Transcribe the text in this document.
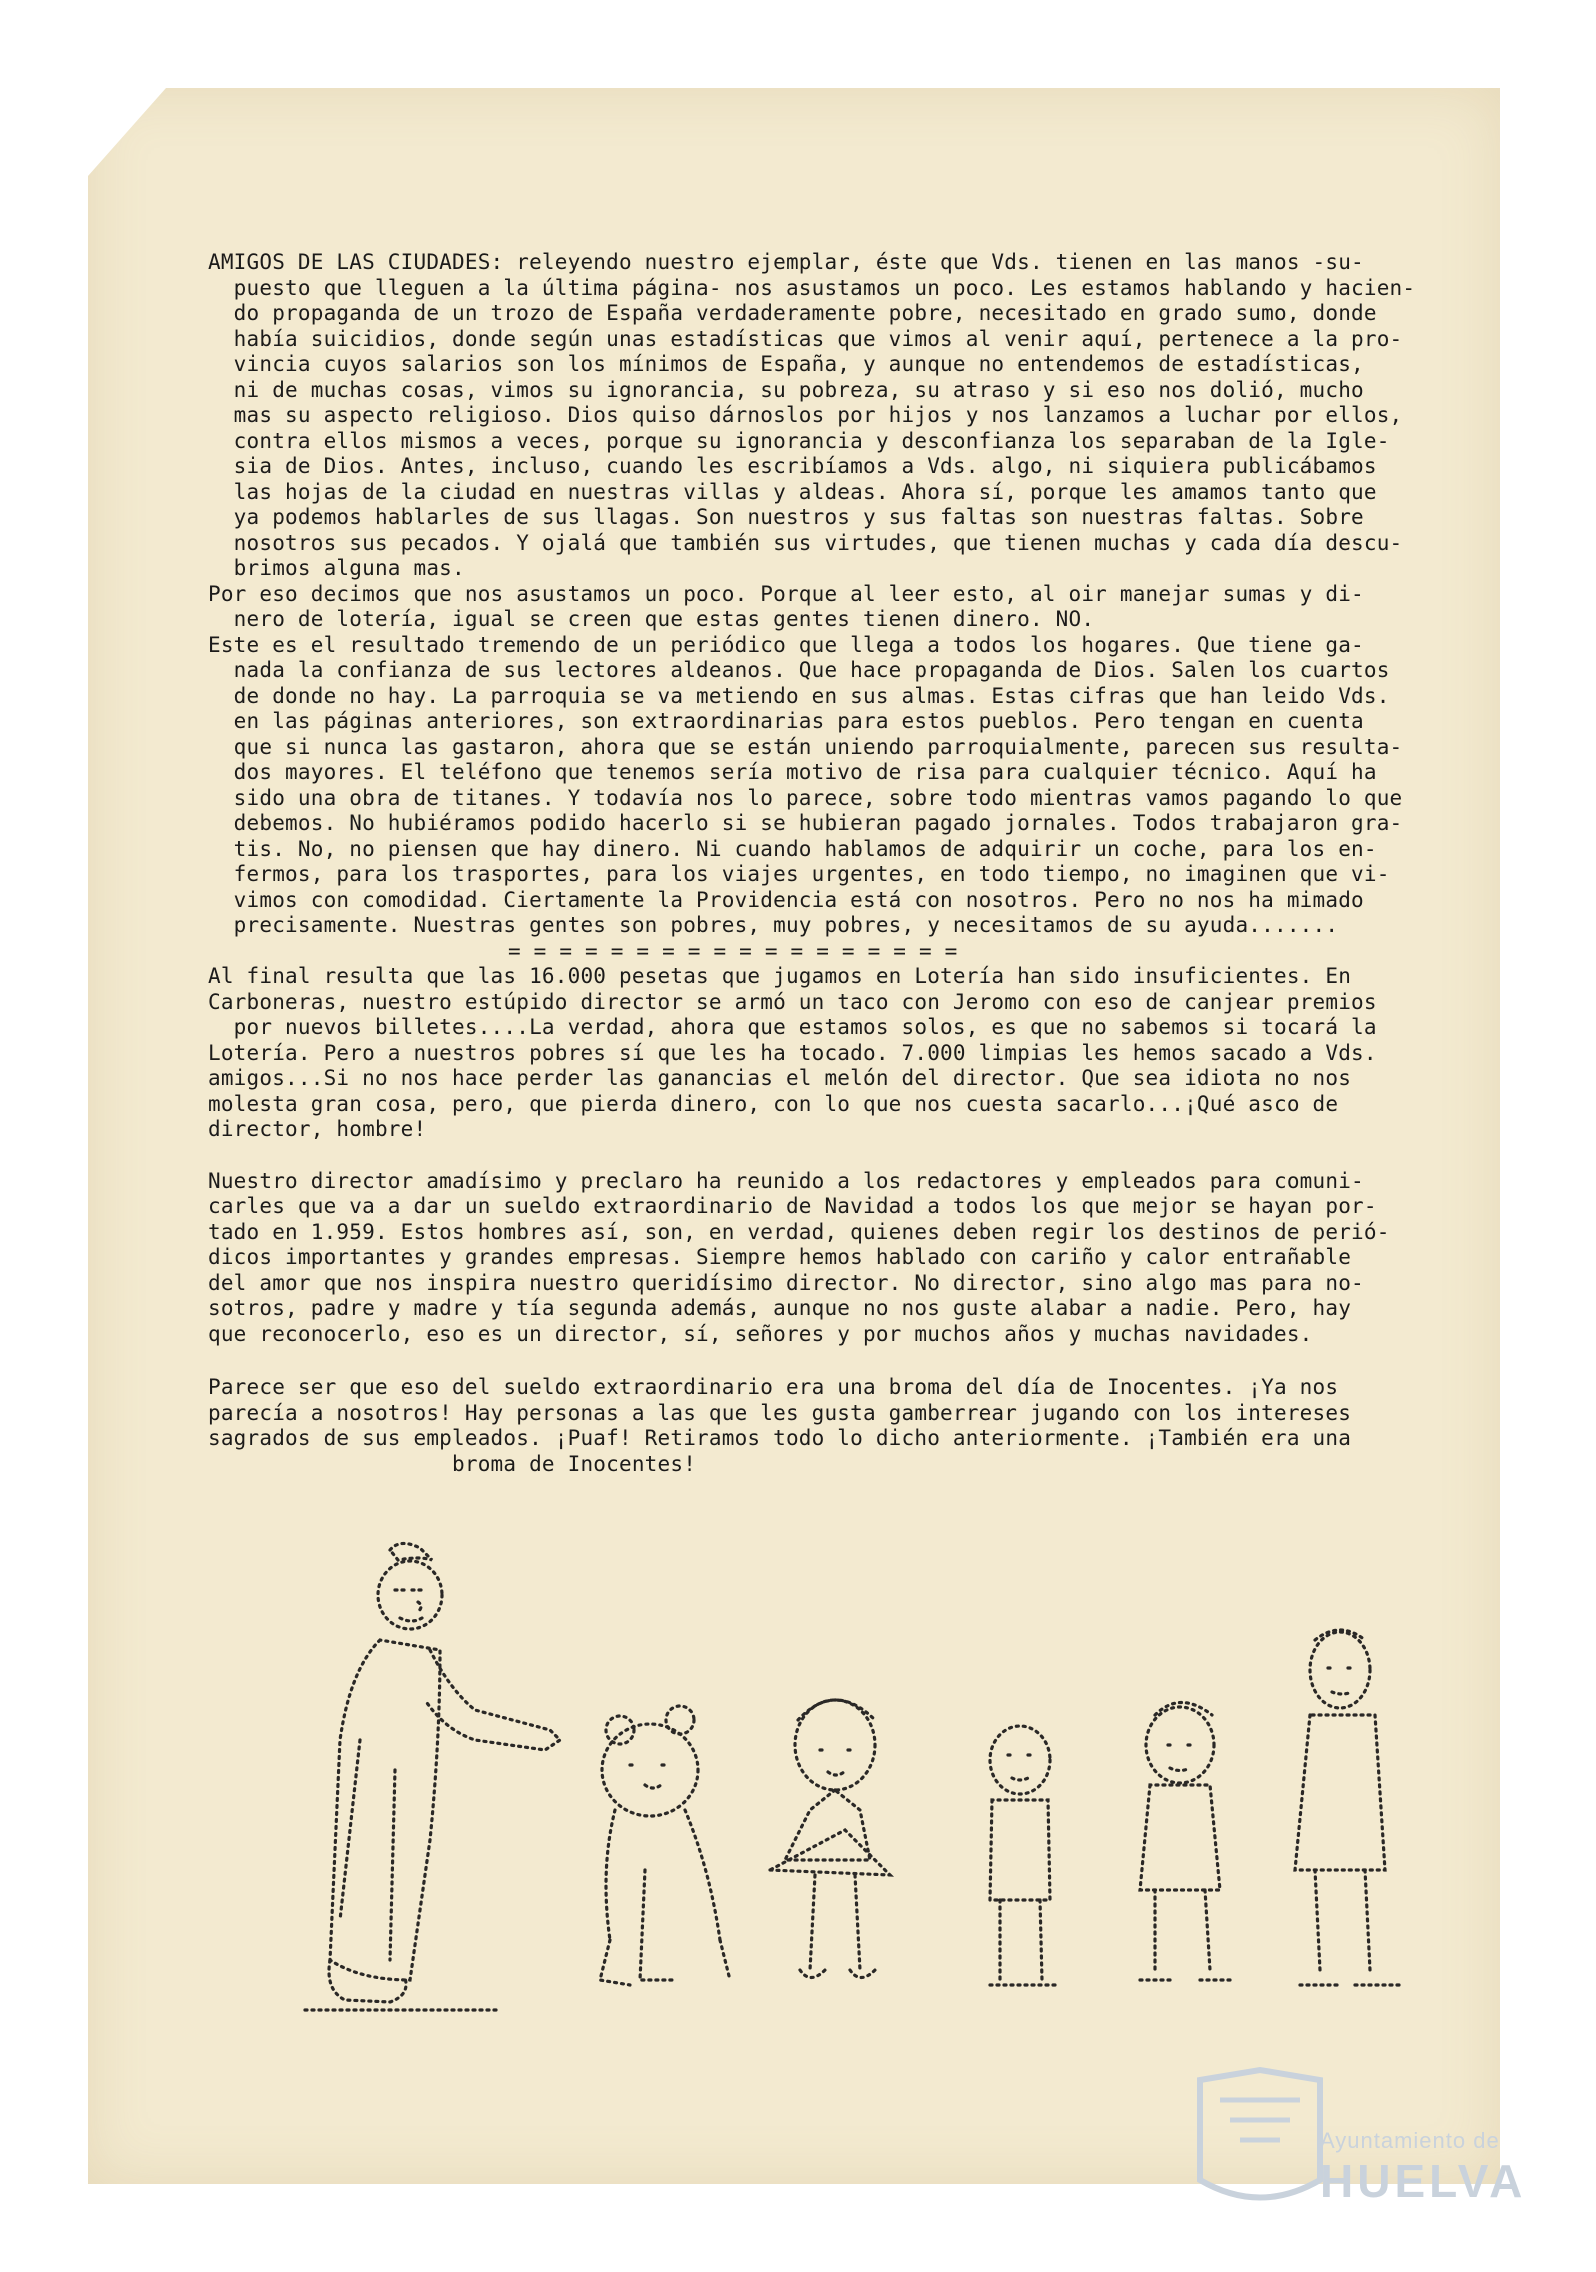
AMIGOS DE LAS CIUDADES: releyendo nuestro ejemplar, éste que Vds. tienen en las manos -su-
puesto que lleguen a la última página- nos asustamos un poco. Les estamos hablando y hacien-
do propaganda de un trozo de España verdaderamente pobre, necesitado en grado sumo, donde
había suicidios, donde según unas estadísticas que vimos al venir aquí, pertenece a la pro-
vincia cuyos salarios son los mínimos de España, y aunque no entendemos de estadísticas,
ni de muchas cosas, vimos su ignorancia, su pobreza, su atraso y si eso nos dolió, mucho
mas su aspecto religioso. Dios quiso dárnoslos por hijos y nos lanzamos a luchar por ellos,
contra ellos mismos a veces, porque su ignorancia y desconfianza los separaban de la Igle-
sia de Dios. Antes, incluso, cuando les escribíamos a Vds. algo, ni siquiera publicábamos
las hojas de la ciudad en nuestras villas y aldeas. Ahora sí, porque les amamos tanto que
ya podemos hablarles de sus llagas. Son nuestros y sus faltas son nuestras faltas. Sobre
nosotros sus pecados. Y ojalá que también sus virtudes, que tienen muchas y cada día descu-
brimos alguna mas.
Por eso decimos que nos asustamos un poco. Porque al leer esto, al oir manejar sumas y di-
nero de lotería, igual se creen que estas gentes tienen dinero. NO.
Este es el resultado tremendo de un periódico que llega a todos los hogares. Que tiene ga-
nada la confianza de sus lectores aldeanos. Que hace propaganda de Dios. Salen los cuartos
de donde no hay. La parroquia se va metiendo en sus almas. Estas cifras que han leido Vds.
en las páginas anteriores, son extraordinarias para estos pueblos. Pero tengan en cuenta
que si nunca las gastaron, ahora que se están uniendo parroquialmente, parecen sus resulta-
dos mayores. El teléfono que tenemos sería motivo de risa para cualquier técnico. Aquí ha
sido una obra de titanes. Y todavía nos lo parece, sobre todo mientras vamos pagando lo que
debemos. No hubiéramos podido hacerlo si se hubieran pagado jornales. Todos trabajaron gra-
tis. No, no piensen que hay dinero. Ni cuando hablamos de adquirir un coche, para los en-
fermos, para los trasportes, para los viajes urgentes, en todo tiempo, no imaginen que vi-
vimos con comodidad. Ciertamente la Providencia está con nosotros. Pero no nos ha mimado
precisamente. Nuestras gentes son pobres, muy pobres, y necesitamos de su ayuda.......
= = = = = = = = = = = = = = = = = =
Al final resulta que las 16.000 pesetas que jugamos en Lotería han sido insuficientes. En
Carboneras, nuestro estúpido director se armó un taco con Jeromo con eso de canjear premios
por nuevos billetes....La verdad, ahora que estamos solos, es que no sabemos si tocará la
Lotería. Pero a nuestros pobres sí que les ha tocado. 7.000 limpias les hemos sacado a Vds.
amigos...Si no nos hace perder las ganancias el melón del director. Que sea idiota no nos
molesta gran cosa, pero, que pierda dinero, con lo que nos cuesta sacarlo...¡Qué asco de
director, hombre!
Nuestro director amadísimo y preclaro ha reunido a los redactores y empleados para comuni-
carles que va a dar un sueldo extraordinario de Navidad a todos los que mejor se hayan por-
tado en 1.959. Estos hombres así, son, en verdad, quienes deben regir los destinos de perió-
dicos importantes y grandes empresas. Siempre hemos hablado con cariño y calor entrañable
del amor que nos inspira nuestro queridísimo director. No director, sino algo mas para no-
sotros, padre y madre y tía segunda además, aunque no nos guste alabar a nadie. Pero, hay
que reconocerlo, eso es un director, sí, señores y por muchos años y muchas navidades.
Parece ser que eso del sueldo extraordinario era una broma del día de Inocentes. ¡Ya nos
parecía a nosotros! Hay personas a las que les gusta gamberrear jugando con los intereses
sagrados de sus empleados. ¡Puaf! Retiramos todo lo dicho anteriormente. ¡También era una
broma de Inocentes!
Ayuntamiento de
HUELVA
